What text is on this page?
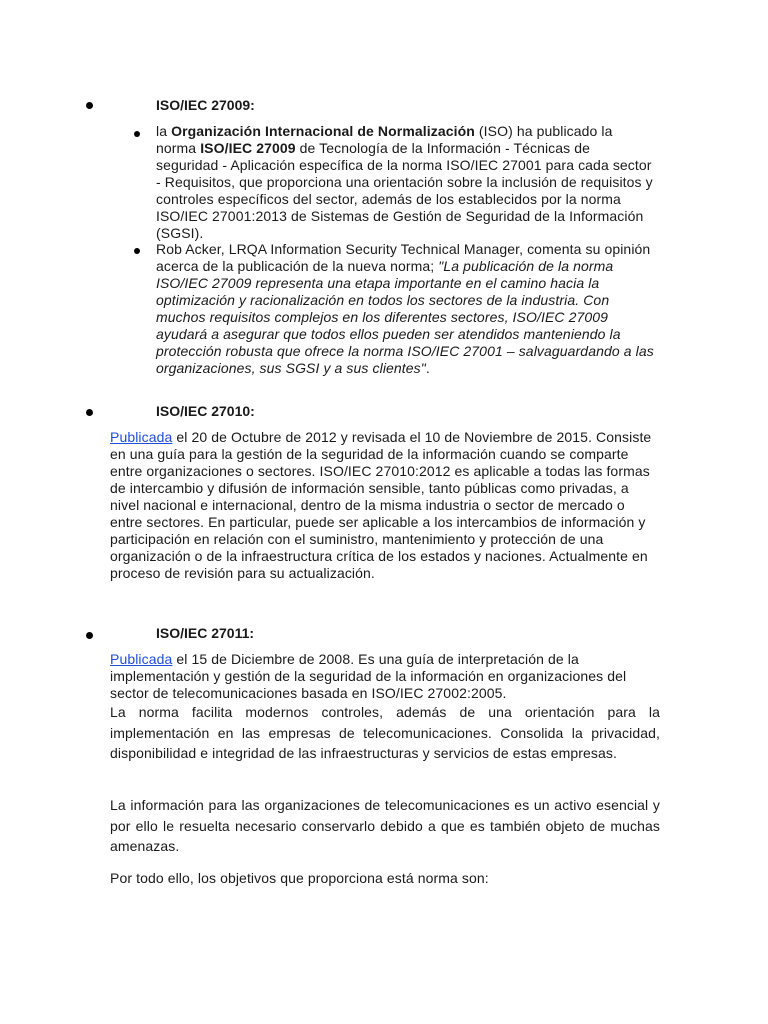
ISO/IEC 27009:
la Organización Internacional de Normalización (ISO) ha publicado la norma ISO/IEC 27009 de Tecnología de la Información - Técnicas de seguridad - Aplicación específica de la norma ISO/IEC 27001 para cada sector - Requisitos, que proporciona una orientación sobre la inclusión de requisitos y controles específicos del sector, además de los establecidos por la norma ISO/IEC 27001:2013 de Sistemas de Gestión de Seguridad de la Información (SGSI).
Rob Acker, LRQA Information Security Technical Manager, comenta su opinión acerca de la publicación de la nueva norma; "La publicación de la norma ISO/IEC 27009 representa una etapa importante en el camino hacia la optimización y racionalización en todos los sectores de la industria. Con muchos requisitos complejos en los diferentes sectores, ISO/IEC 27009 ayudará a asegurar que todos ellos pueden ser atendidos manteniendo la protección robusta que ofrece la norma ISO/IEC 27001 – salvaguardando a las organizaciones, sus SGSI y a sus clientes".
ISO/IEC 27010:
Publicada el 20 de Octubre de 2012 y revisada el 10 de Noviembre de 2015. Consiste en una guía para la gestión de la seguridad de la información cuando se comparte entre organizaciones o sectores. ISO/IEC 27010:2012 es aplicable a todas las formas de intercambio y difusión de información sensible, tanto públicas como privadas, a nivel nacional e internacional, dentro de la misma industria o sector de mercado o entre sectores. En particular, puede ser aplicable a los intercambios de información y participación en relación con el suministro, mantenimiento y protección de una organización o de la infraestructura crítica de los estados y naciones. Actualmente en proceso de revisión para su actualización.
ISO/IEC 27011:
Publicada el 15 de Diciembre de 2008. Es una guía de interpretación de la implementación y gestión de la seguridad de la información en organizaciones del sector de telecomunicaciones basada en ISO/IEC 27002:2005.
La norma facilita modernos controles, además de una orientación para la implementación en las empresas de telecomunicaciones. Consolida la privacidad, disponibilidad e integridad de las infraestructuras y servicios de estas empresas.
La información para las organizaciones de telecomunicaciones es un activo esencial y por ello le resuelta necesario conservarlo debido a que es también objeto de muchas amenazas.
Por todo ello, los objetivos que proporciona está norma son:
